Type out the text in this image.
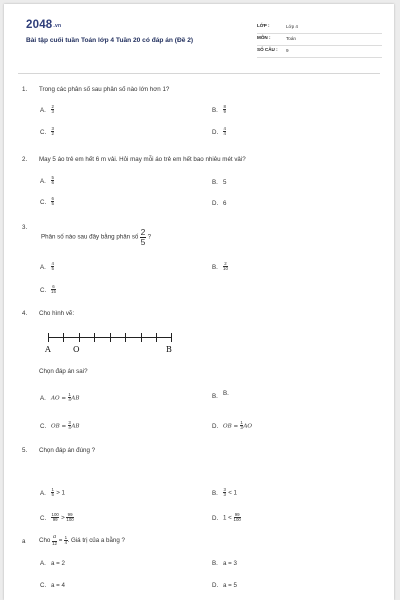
2048.vn
Bài tập cuối tuần Toán lớp 4 Tuần 20 có đáp án (Đề 2)
LỚP :	Lớp 4
MÔN :	Toán
SỐ CÂU : 9
1. Trong các phân số sau phân số nào lớn hơn 1?
A. $\frac{2}{3}$	B. $\frac{8}{9}$
C. $\frac{3}{2}$	D. $\frac{4}{4}$
2. May 5 áo trẻ em hết 6 m vải. Hỏi may mỗi áo trẻ em hết bao nhiêu mét vải?
A. $\frac{5}{6}$	B. 5
C. $\frac{6}{5}$	D. 6
3.
Phân số nào sau đây bằng phân số $\frac{2}{5}$ ?
A. $\frac{4}{5}$	B. $\frac{2}{10}$
C. $\frac{6}{15}$
4. Cho hình vẽ:
A	O	B
Chọn đáp án sai?
A. AO = $\frac{1}{4}$ AB	B. B.
C. OB = $\frac{3}{4}$ AB	D. OB = $\frac{1}{3}$ AO
5. Chọn đáp án đúng ?
A. $\frac{1}{5} > 1$	B. $\frac{3}{3} < 1$
C. $\frac{100}{99} > \frac{99}{100}$	D. $1 < \frac{99}{100}$
a Cho $\frac{a}{12} = \frac{1}{4}$ . Giá trị của a bằng ?
A. a = 2	B. a = 3
C. a = 4	D. a = 5
